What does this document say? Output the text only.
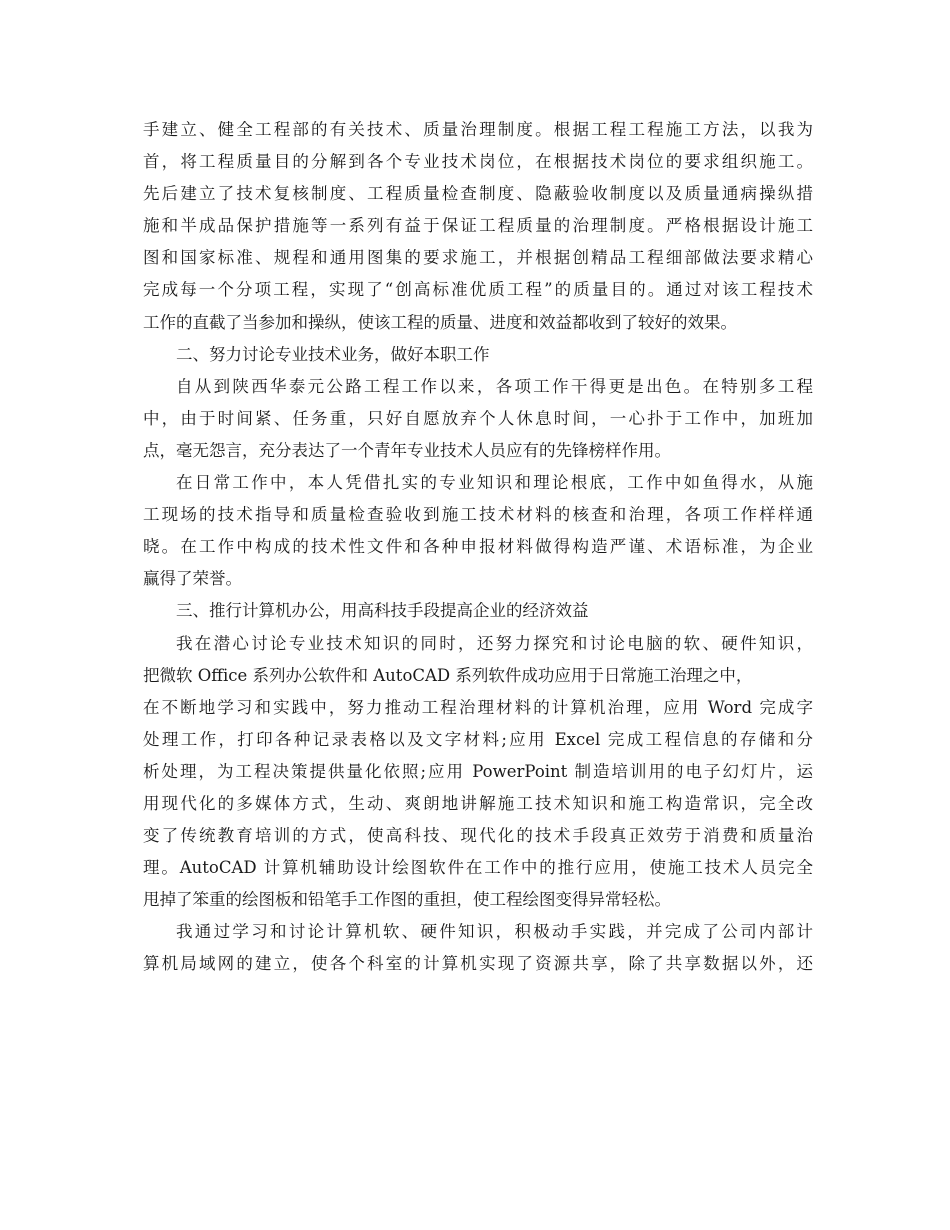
手建立、健全工程部的有关技术、质量治理制度。根据工程工程施工方法，以我为
首，将工程质量目的分解到各个专业技术岗位，在根据技术岗位的要求组织施工。
先后建立了技术复核制度、工程质量检查制度、隐蔽验收制度以及质量通病操纵措
施和半成品保护措施等一系列有益于保证工程质量的治理制度。严格根据设计施工
图和国家标准、规程和通用图集的要求施工，并根据创精品工程细部做法要求精心
完成每一个分项工程，实现了“创高标准优质工程”的质量目的。通过对该工程技术
工作的直截了当参加和操纵，使该工程的质量、进度和效益都收到了较好的效果。
二、努力讨论专业技术业务，做好本职工作
自从到陕西华泰元公路工程工作以来，各项工作干得更是出色。在特别多工程
中，由于时间紧、任务重，只好自愿放弃个人休息时间，一心扑于工作中，加班加
点，毫无怨言，充分表达了一个青年专业技术人员应有的先锋榜样作用。
在日常工作中，本人凭借扎实的专业知识和理论根底，工作中如鱼得水，从施
工现场的技术指导和质量检查验收到施工技术材料的核查和治理，各项工作样样通
晓。在工作中构成的技术性文件和各种申报材料做得构造严谨、术语标准，为企业
赢得了荣誉。
三、推行计算机办公，用高科技手段提高企业的经济效益
我在潜心讨论专业技术知识的同时，还努力探究和讨论电脑的软、硬件知识，
把微软 Office 系列办公软件和 AutoCAD 系列软件成功应用于日常施工治理之中，
在不断地学习和实践中，努力推动工程治理材料的计算机治理，应用 Word 完成字
处理工作，打印各种记录表格以及文字材料;应用 Excel 完成工程信息的存储和分
析处理，为工程决策提供量化依照;应用 PowerPoint 制造培训用的电子幻灯片，运
用现代化的多媒体方式，生动、爽朗地讲解施工技术知识和施工构造常识，完全改
变了传统教育培训的方式，使高科技、现代化的技术手段真正效劳于消费和质量治
理。AutoCAD 计算机辅助设计绘图软件在工作中的推行应用，使施工技术人员完全
甩掉了笨重的绘图板和铅笔手工作图的重担，使工程绘图变得异常轻松。
我通过学习和讨论计算机软、硬件知识，积极动手实践，并完成了公司内部计
算机局域网的建立，使各个科室的计算机实现了资源共享，除了共享数据以外，还
